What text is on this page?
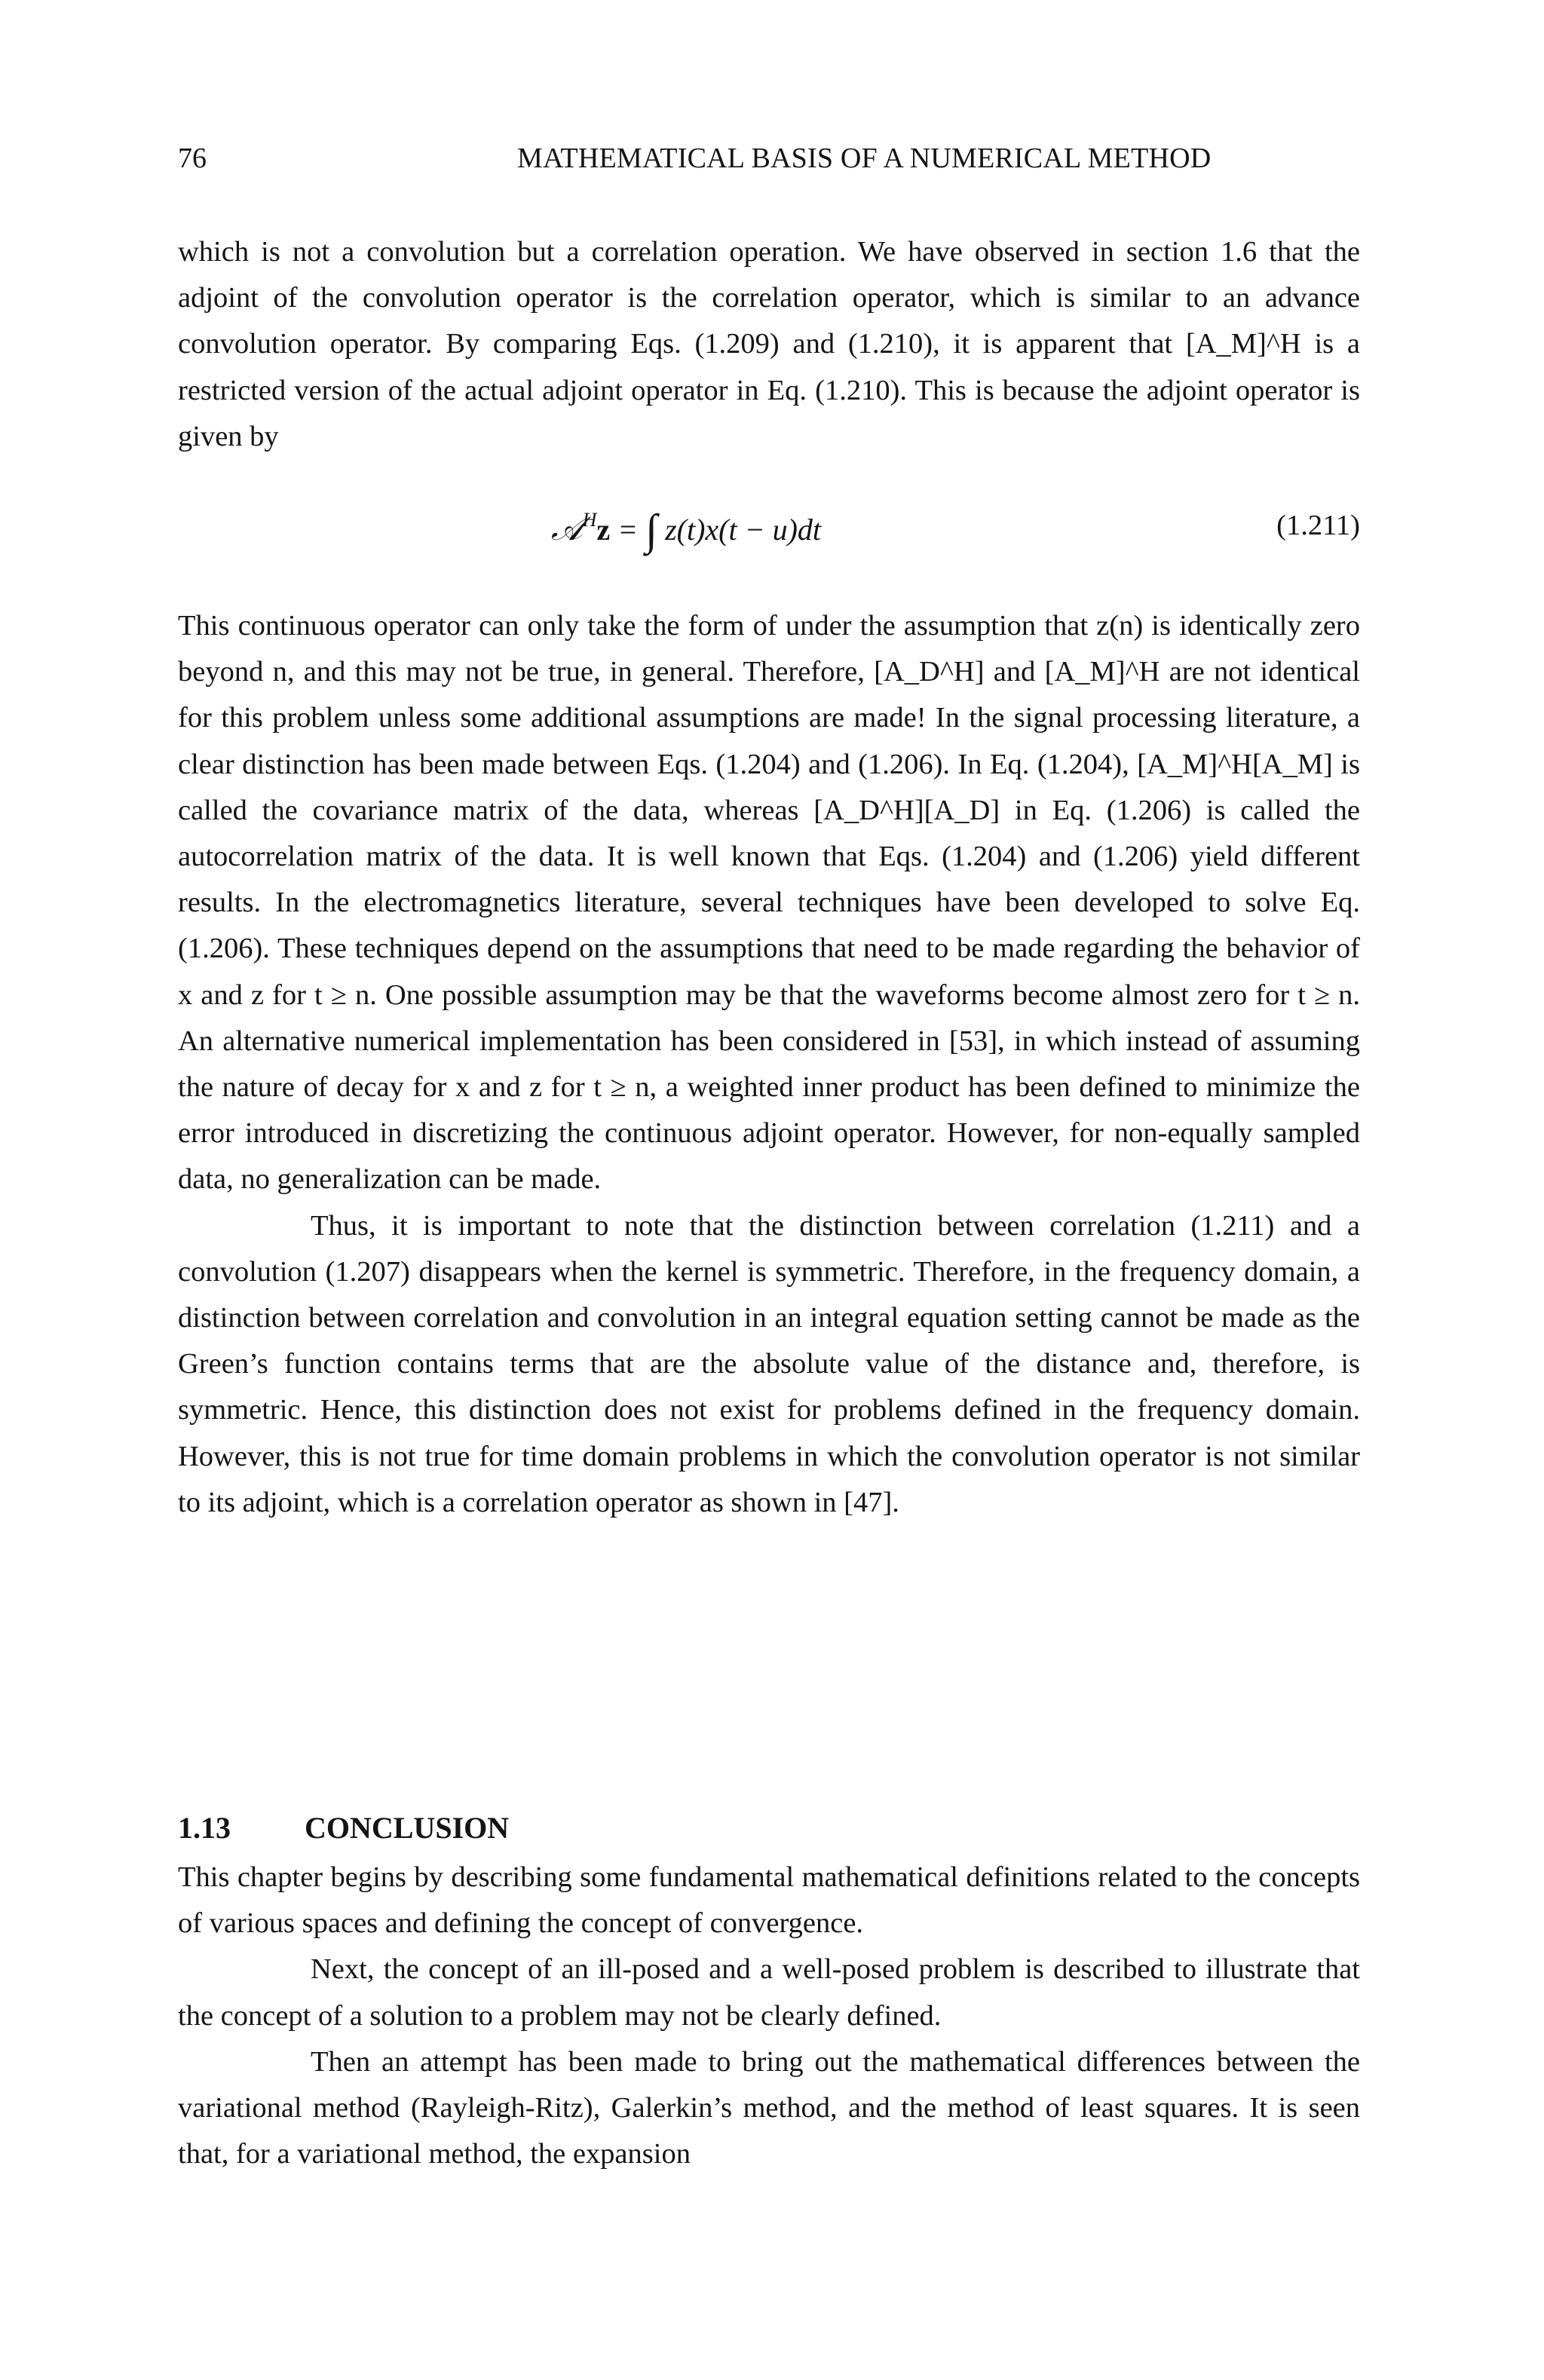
76	MATHEMATICAL BASIS OF A NUMERICAL METHOD

which is not a convolution but a correlation operation. We have observed in section 1.6 that the adjoint of the convolution operator is the correlation operator, which is similar to an advance convolution operator. By comparing Eqs. (1.209) and (1.210), it is apparent that [A_M]^H is a restricted version of the actual adjoint operator in Eq. (1.210). This is because the adjoint operator is given by

𝒜$^H$z = ∫ z(t)x(t − u)dt	(1.211)

This continuous operator can only take the form of under the assumption that z(n) is identically zero beyond n, and this may not be true, in general. Therefore, [A_D^H] and [A_M]^H are not identical for this problem unless some additional assumptions are made! In the signal processing literature, a clear distinction has been made between Eqs. (1.204) and (1.206). In Eq. (1.204), [A_M]^H[A_M] is called the covariance matrix of the data, whereas [A_D^H][A_D] in Eq. (1.206) is called the autocorrelation matrix of the data. It is well known that Eqs. (1.204) and (1.206) yield different results. In the electromagnetics literature, several techniques have been developed to solve Eq. (1.206). These techniques depend on the assumptions that need to be made regarding the behavior of x and z for t ≥ n. One possible assumption may be that the waveforms become almost zero for t ≥ n. An alternative numerical implementation has been considered in [53], in which instead of assuming the nature of decay for x and z for t ≥ n, a weighted inner product has been defined to minimize the error introduced in discretizing the continuous adjoint operator. However, for non-equally sampled data, no generalization can be made.

Thus, it is important to note that the distinction between correlation (1.211) and a convolution (1.207) disappears when the kernel is symmetric. Therefore, in the frequency domain, a distinction between correlation and convolution in an integral equation setting cannot be made as the Green’s function contains terms that are the absolute value of the distance and, therefore, is symmetric. Hence, this distinction does not exist for problems defined in the frequency domain. However, this is not true for time domain problems in which the convolution operator is not similar to its adjoint, which is a correlation operator as shown in [47].

1.13 CONCLUSION

This chapter begins by describing some fundamental mathematical definitions related to the concepts of various spaces and defining the concept of convergence.

Next, the concept of an ill-posed and a well-posed problem is described to illustrate that the concept of a solution to a problem may not be clearly defined.

Then an attempt has been made to bring out the mathematical differences between the variational method (Rayleigh-Ritz), Galerkin’s method, and the method of least squares. It is seen that, for a variational method, the expansion
